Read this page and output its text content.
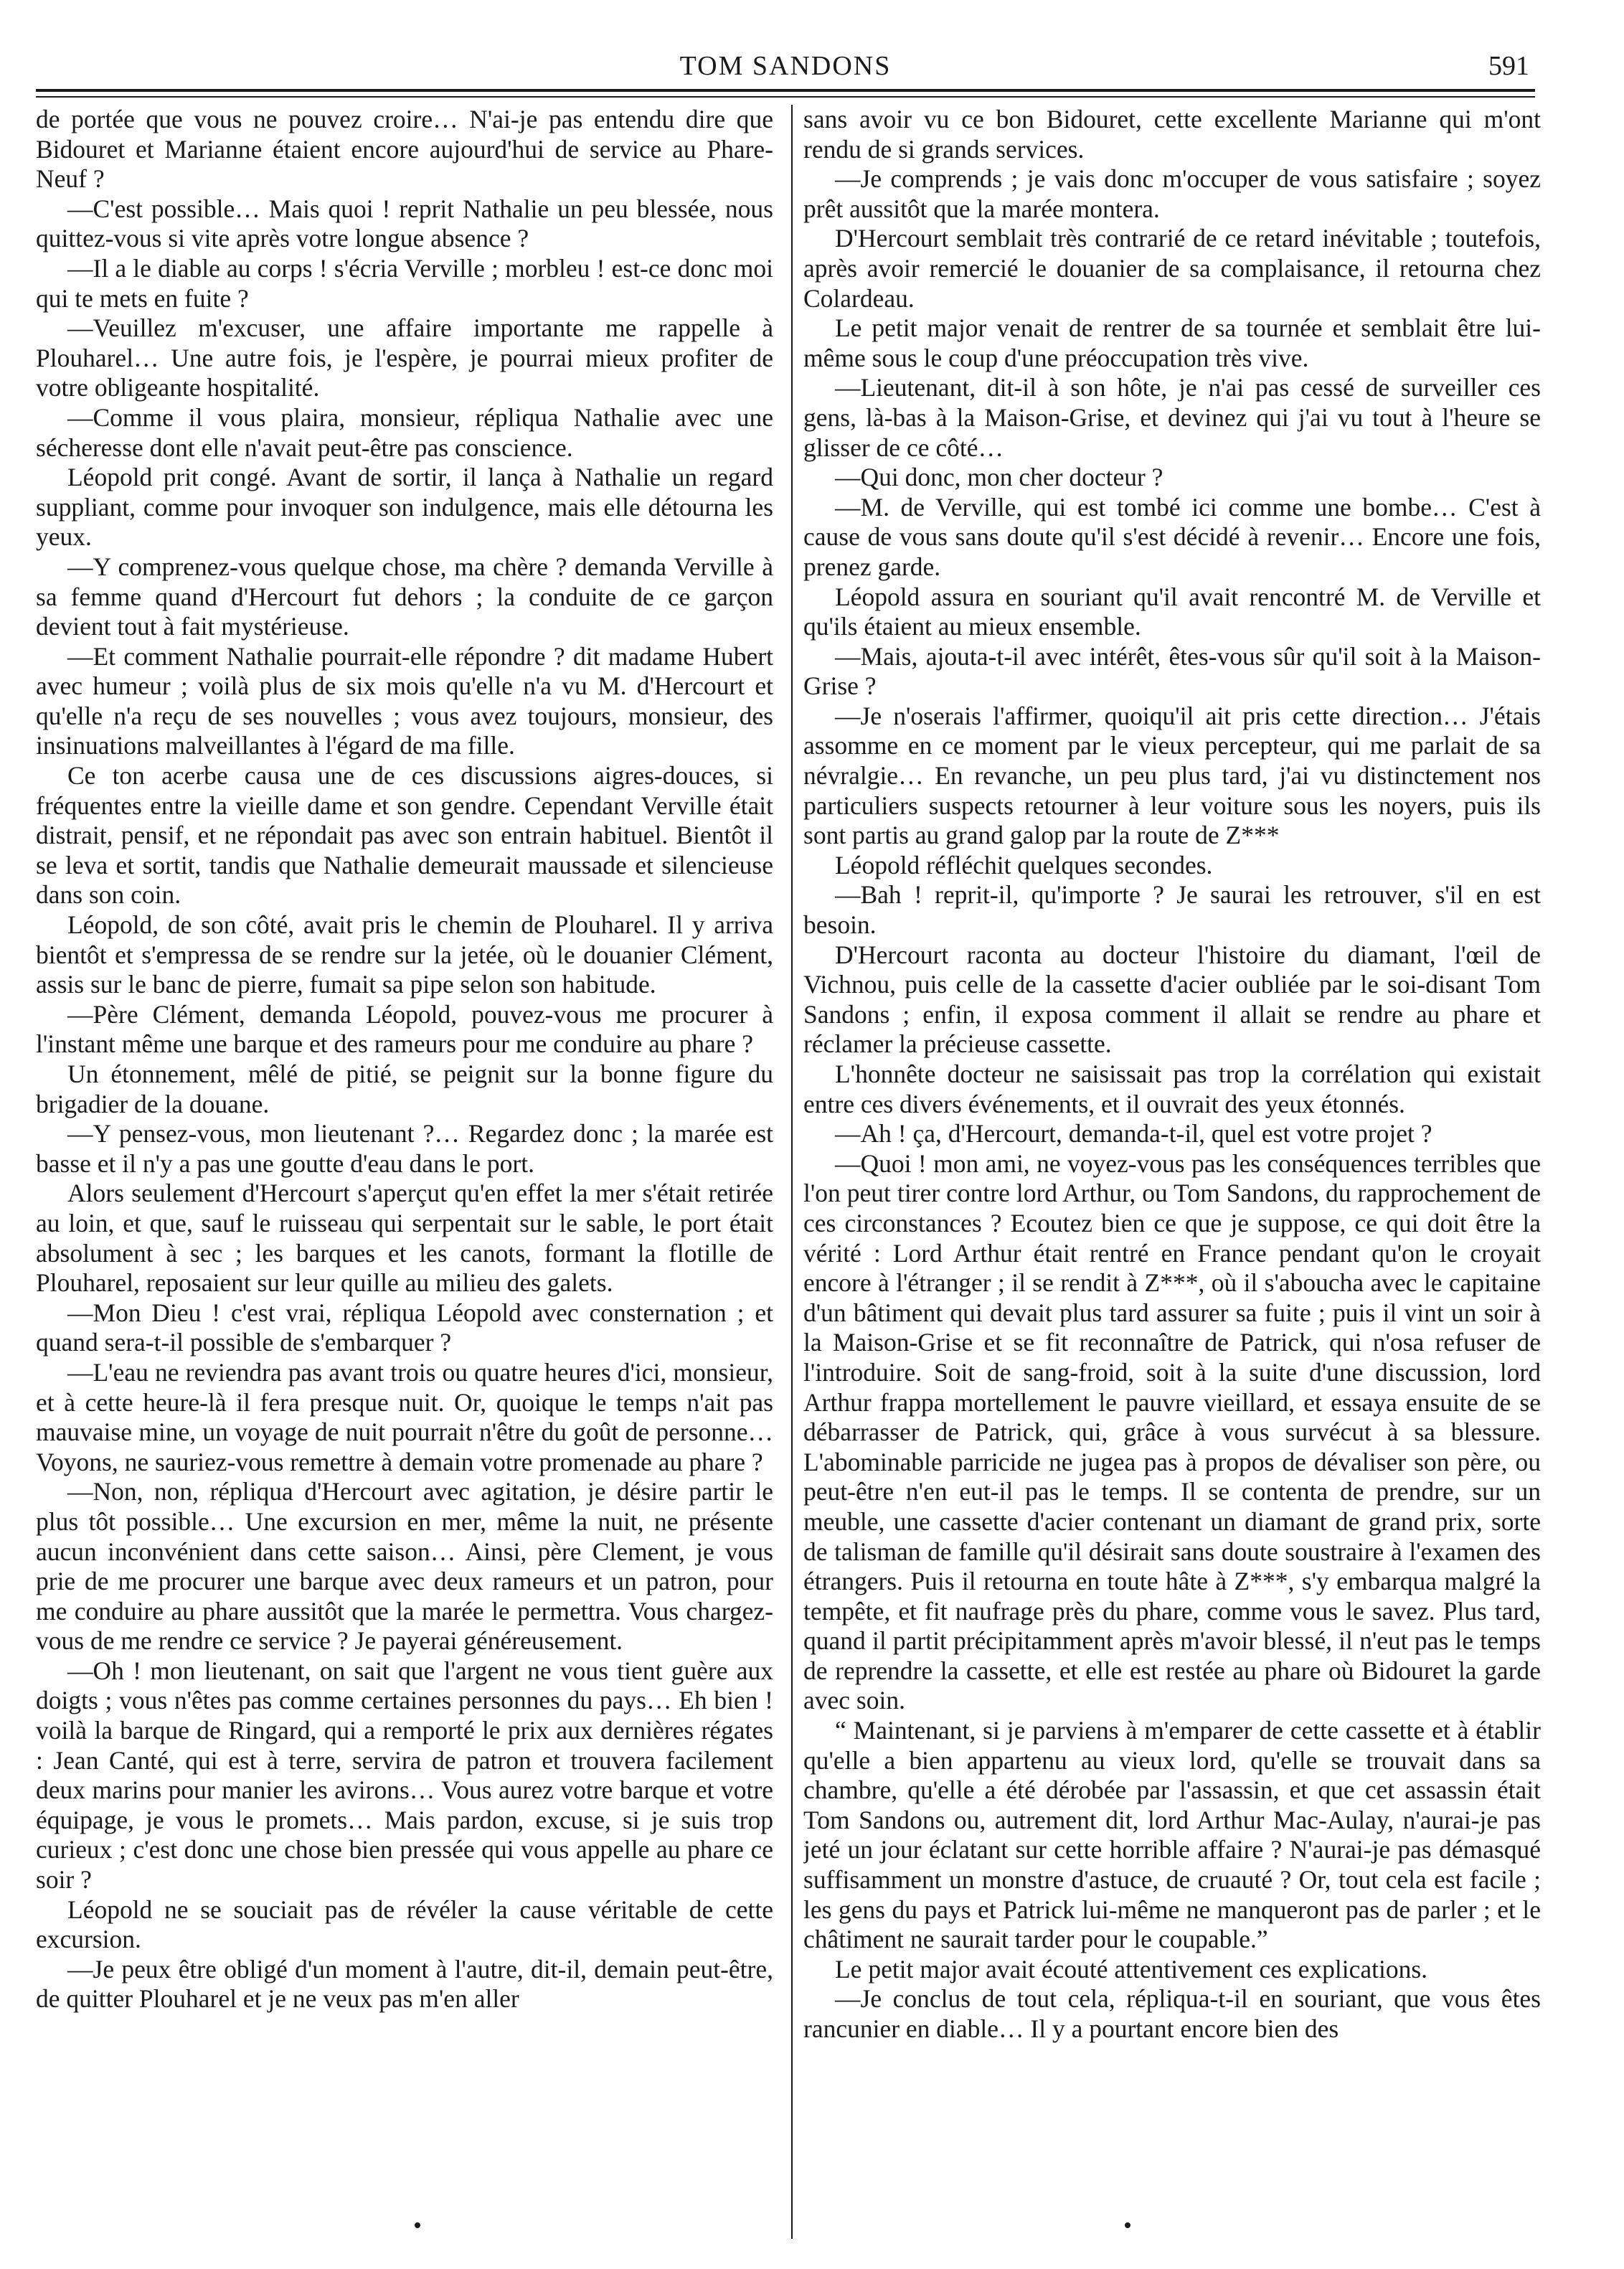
TOM SANDONS	591

de portée que vous ne pouvez croire… N'ai-je pas entendu dire que Bidouret et Marianne étaient encore aujourd'hui de service au Phare-Neuf ?

—C'est possible… Mais quoi ! reprit Nathalie un peu blessée, nous quittez-vous si vite après votre longue absence ?

—Il a le diable au corps ! s'écria Verville ; morbleu ! est-ce donc moi qui te mets en fuite ?

—Veuillez m'excuser, une affaire importante me rappelle à Plouharel… Une autre fois, je l'espère, je pourrai mieux profiter de votre obligeante hospitalité.

—Comme il vous plaira, monsieur, répliqua Nathalie avec une sécheresse dont elle n'avait peut-être pas conscience.

Léopold prit congé. Avant de sortir, il lança à Nathalie un regard suppliant, comme pour invoquer son indulgence, mais elle détourna les yeux.

—Y comprenez-vous quelque chose, ma chère ? demanda Verville à sa femme quand d'Hercourt fut dehors ; la conduite de ce garçon devient tout à fait mystérieuse.

—Et comment Nathalie pourrait-elle répondre ? dit madame Hubert avec humeur ; voilà plus de six mois qu'elle n'a vu M. d'Hercourt et qu'elle n'a reçu de ses nouvelles ; vous avez toujours, monsieur, des insinuations malveillantes à l'égard de ma fille.

Ce ton acerbe causa une de ces discussions aigres-douces, si fréquentes entre la vieille dame et son gendre. Cependant Verville était distrait, pensif, et ne répondait pas avec son entrain habituel. Bientôt il se leva et sortit, tandis que Nathalie demeurait maussade et silencieuse dans son coin.

Léopold, de son côté, avait pris le chemin de Plouharel. Il y arriva bientôt et s'empressa de se rendre sur la jetée, où le douanier Clément, assis sur le banc de pierre, fumait sa pipe selon son habitude.

—Père Clément, demanda Léopold, pouvez-vous me procurer à l'instant même une barque et des rameurs pour me conduire au phare ?

Un étonnement, mêlé de pitié, se peignit sur la bonne figure du brigadier de la douane.

—Y pensez-vous, mon lieutenant ?… Regardez donc ; la marée est basse et il n'y a pas une goutte d'eau dans le port.

Alors seulement d'Hercourt s'aperçut qu'en effet la mer s'était retirée au loin, et que, sauf le ruisseau qui serpentait sur le sable, le port était absolument à sec ; les barques et les canots, formant la flotille de Plouharel, reposaient sur leur quille au milieu des galets.

—Mon Dieu ! c'est vrai, répliqua Léopold avec consternation ; et quand sera-t-il possible de s'embarquer ?

—L'eau ne reviendra pas avant trois ou quatre heures d'ici, monsieur, et à cette heure-là il fera presque nuit. Or, quoique le temps n'ait pas mauvaise mine, un voyage de nuit pourrait n'être du goût de personne… Voyons, ne sauriez-vous remettre à demain votre promenade au phare ?

—Non, non, répliqua d'Hercourt avec agitation, je désire partir le plus tôt possible… Une excursion en mer, même la nuit, ne présente aucun inconvénient dans cette saison… Ainsi, père Clement, je vous prie de me procurer une barque avec deux rameurs et un patron, pour me conduire au phare aussitôt que la marée le permettra. Vous chargez-vous de me rendre ce service ? Je payerai généreusement.

—Oh ! mon lieutenant, on sait que l'argent ne vous tient guère aux doigts ; vous n'êtes pas comme certaines personnes du pays… Eh bien ! voilà la barque de Ringard, qui a remporté le prix aux dernières régates : Jean Canté, qui est à terre, servira de patron et trouvera facilement deux marins pour manier les avirons… Vous aurez votre barque et votre équipage, je vous le promets… Mais pardon, excuse, si je suis trop curieux ; c'est donc une chose bien pressée qui vous appelle au phare ce soir ?

Léopold ne se souciait pas de révéler la cause véritable de cette excursion.

—Je peux être obligé d'un moment à l'autre, dit-il, demain peut-être, de quitter Plouharel et je ne veux pas m'en aller

sans avoir vu ce bon Bidouret, cette excellente Marianne qui m'ont rendu de si grands services.

—Je comprends ; je vais donc m'occuper de vous satisfaire ; soyez prêt aussitôt que la marée montera.

D'Hercourt semblait très contrarié de ce retard inévitable ; toutefois, après avoir remercié le douanier de sa complaisance, il retourna chez Colardeau.

Le petit major venait de rentrer de sa tournée et semblait être lui-même sous le coup d'une préoccupation très vive.

—Lieutenant, dit-il à son hôte, je n'ai pas cessé de surveiller ces gens, là-bas à la Maison-Grise, et devinez qui j'ai vu tout à l'heure se glisser de ce côté…

—Qui donc, mon cher docteur ?

—M. de Verville, qui est tombé ici comme une bombe… C'est à cause de vous sans doute qu'il s'est décidé à revenir… Encore une fois, prenez garde.

Léopold assura en souriant qu'il avait rencontré M. de Verville et qu'ils étaient au mieux ensemble.

—Mais, ajouta-t-il avec intérêt, êtes-vous sûr qu'il soit à la Maison-Grise ?

—Je n'oserais l'affirmer, quoiqu'il ait pris cette direction… J'étais assomme en ce moment par le vieux percepteur, qui me parlait de sa névralgie… En revanche, un peu plus tard, j'ai vu distinctement nos particuliers suspects retourner à leur voiture sous les noyers, puis ils sont partis au grand galop par la route de Z***

Léopold réfléchit quelques secondes.

—Bah ! reprit-il, qu'importe ? Je saurai les retrouver, s'il en est besoin.

D'Hercourt raconta au docteur l'histoire du diamant, l'œil de Vichnou, puis celle de la cassette d'acier oubliée par le soi-disant Tom Sandons ; enfin, il exposa comment il allait se rendre au phare et réclamer la précieuse cassette.

L'honnête docteur ne saisissait pas trop la corrélation qui existait entre ces divers événements, et il ouvrait des yeux étonnés.

—Ah ! ça, d'Hercourt, demanda-t-il, quel est votre projet ?

—Quoi ! mon ami, ne voyez-vous pas les conséquences terribles que l'on peut tirer contre lord Arthur, ou Tom Sandons, du rapprochement de ces circonstances ? Ecoutez bien ce que je suppose, ce qui doit être la vérité : Lord Arthur était rentré en France pendant qu'on le croyait encore à l'étranger ; il se rendit à Z***, où il s'aboucha avec le capitaine d'un bâtiment qui devait plus tard assurer sa fuite ; puis il vint un soir à la Maison-Grise et se fit reconnaître de Patrick, qui n'osa refuser de l'introduire. Soit de sang-froid, soit à la suite d'une discussion, lord Arthur frappa mortellement le pauvre vieillard, et essaya ensuite de se débarrasser de Patrick, qui, grâce à vous survécut à sa blessure. L'abominable parricide ne jugea pas à propos de dévaliser son père, ou peut-être n'en eut-il pas le temps. Il se contenta de prendre, sur un meuble, une cassette d'acier contenant un diamant de grand prix, sorte de talisman de famille qu'il désirait sans doute soustraire à l'examen des étrangers. Puis il retourna en toute hâte à Z***, s'y embarqua malgré la tempête, et fit naufrage près du phare, comme vous le savez. Plus tard, quand il partit précipitamment après m'avoir blessé, il n'eut pas le temps de reprendre la cassette, et elle est restée au phare où Bidouret la garde avec soin.

“ Maintenant, si je parviens à m'emparer de cette cassette et à établir qu'elle a bien appartenu au vieux lord, qu'elle se trouvait dans sa chambre, qu'elle a été dérobée par l'assassin, et que cet assassin était Tom Sandons ou, autrement dit, lord Arthur Mac-Aulay, n'aurai-je pas jeté un jour éclatant sur cette horrible affaire ? N'aurai-je pas démasqué suffisamment un monstre d'astuce, de cruauté ? Or, tout cela est facile ; les gens du pays et Patrick lui-même ne manqueront pas de parler ; et le châtiment ne saurait tarder pour le coupable.”

Le petit major avait écouté attentivement ces explications.

—Je conclus de tout cela, répliqua-t-il en souriant, que vous êtes rancunier en diable… Il y a pourtant encore bien des
